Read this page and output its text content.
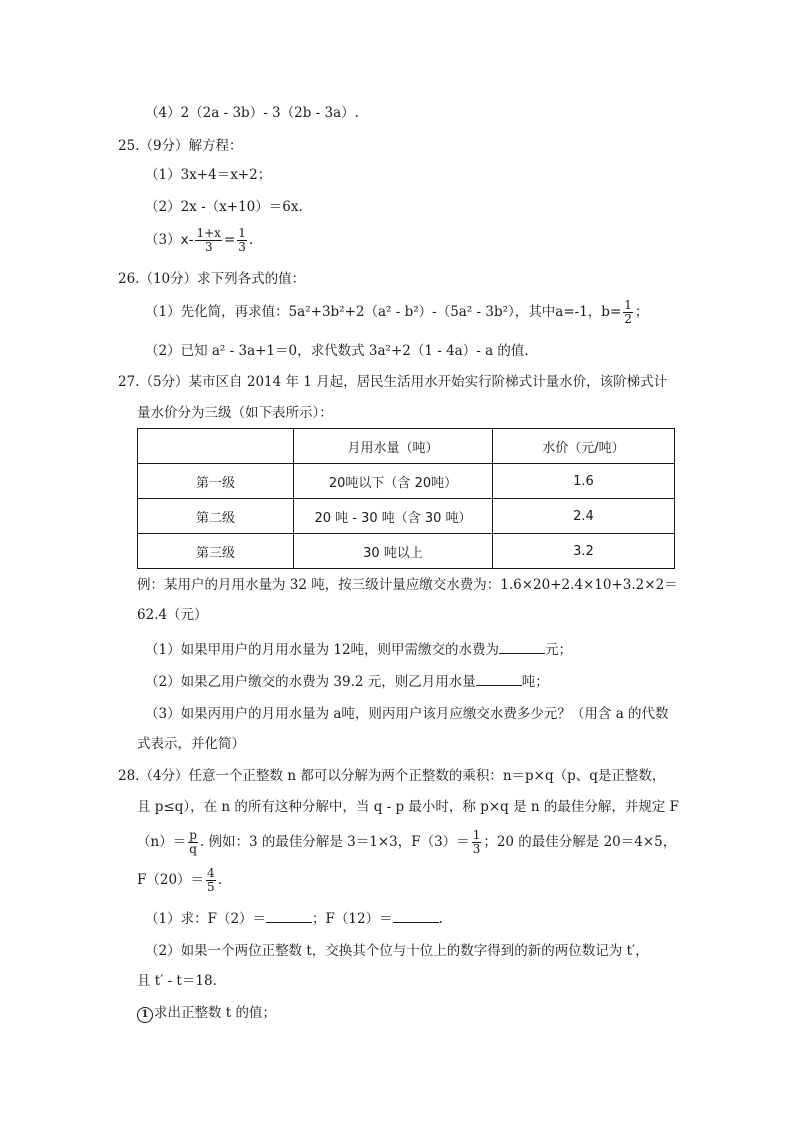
（4）2（2a - 3b）- 3（2b - 3a）.
25.（9分）解方程：
（1）3x+4＝x+2；
（2）2x -（x+10）＝6x.
$(3)x- \frac{1+x}{3} = \frac{1}{3}$ .
26.（10分）求下列各式的值：
（1）先化简，再求值：5a²+3b²+2（a² - b²）-（5a² - 3b²），其中a=-1，$b= \frac{1}{2}$ ；
（2）已知 a² - 3a+1＝0，求代数式 3a²+2（1 - 4a）- a 的值.
27.（5分）某市区自 2014 年 1 月起，居民生活用水开始实行阶梯式计量水价，该阶梯式计
量水价分为三级（如下表所示）：
	月用水量（吨）	水价（元/吨）
第一级	20吨以下（含 20吨）	1.6
第二级	20 吨 - 30 吨（含 30 吨）	2.4
第三级	30 吨以上	3.2
例：某用户的月用水量为 32 吨，按三级计量应缴交水费为：1.6×20+2.4×10+3.2×2＝
62.4（元）
（1）如果甲用户的月用水量为 12吨，则甲需缴交的水费为	元；
（2）如果乙用户缴交的水费为 39.2 元，则乙月用水量	吨；
（3）如果丙用户的月用水量为 a吨，则丙用户该月应缴交水费多少元？（用含 a 的代数
式表示，并化简）
28.（4分）任意一个正整数 n 都可以分解为两个正整数的乘积：n＝p×q（p、q是正整数，
且 p≤q），在 n 的所有这种分解中，当 q - p 最小时，称 p×q 是 n 的最佳分解，并规定 F
$(n)= \frac{p}{q}$ . 例如：3 的最佳分解是 3＝1×3，$F(3)= \frac{1}{3}$ ；20 的最佳分解是 20＝4×5，
$F(20)= \frac{4}{5}$ .
（1）求：F（2）＝	；F（12）＝	.
（2）如果一个两位正整数 t，交换其个位与十位上的数字得到的新的两位数记为 t′，
且 t′ - t＝18.
1 求出正整数 t 的值；
